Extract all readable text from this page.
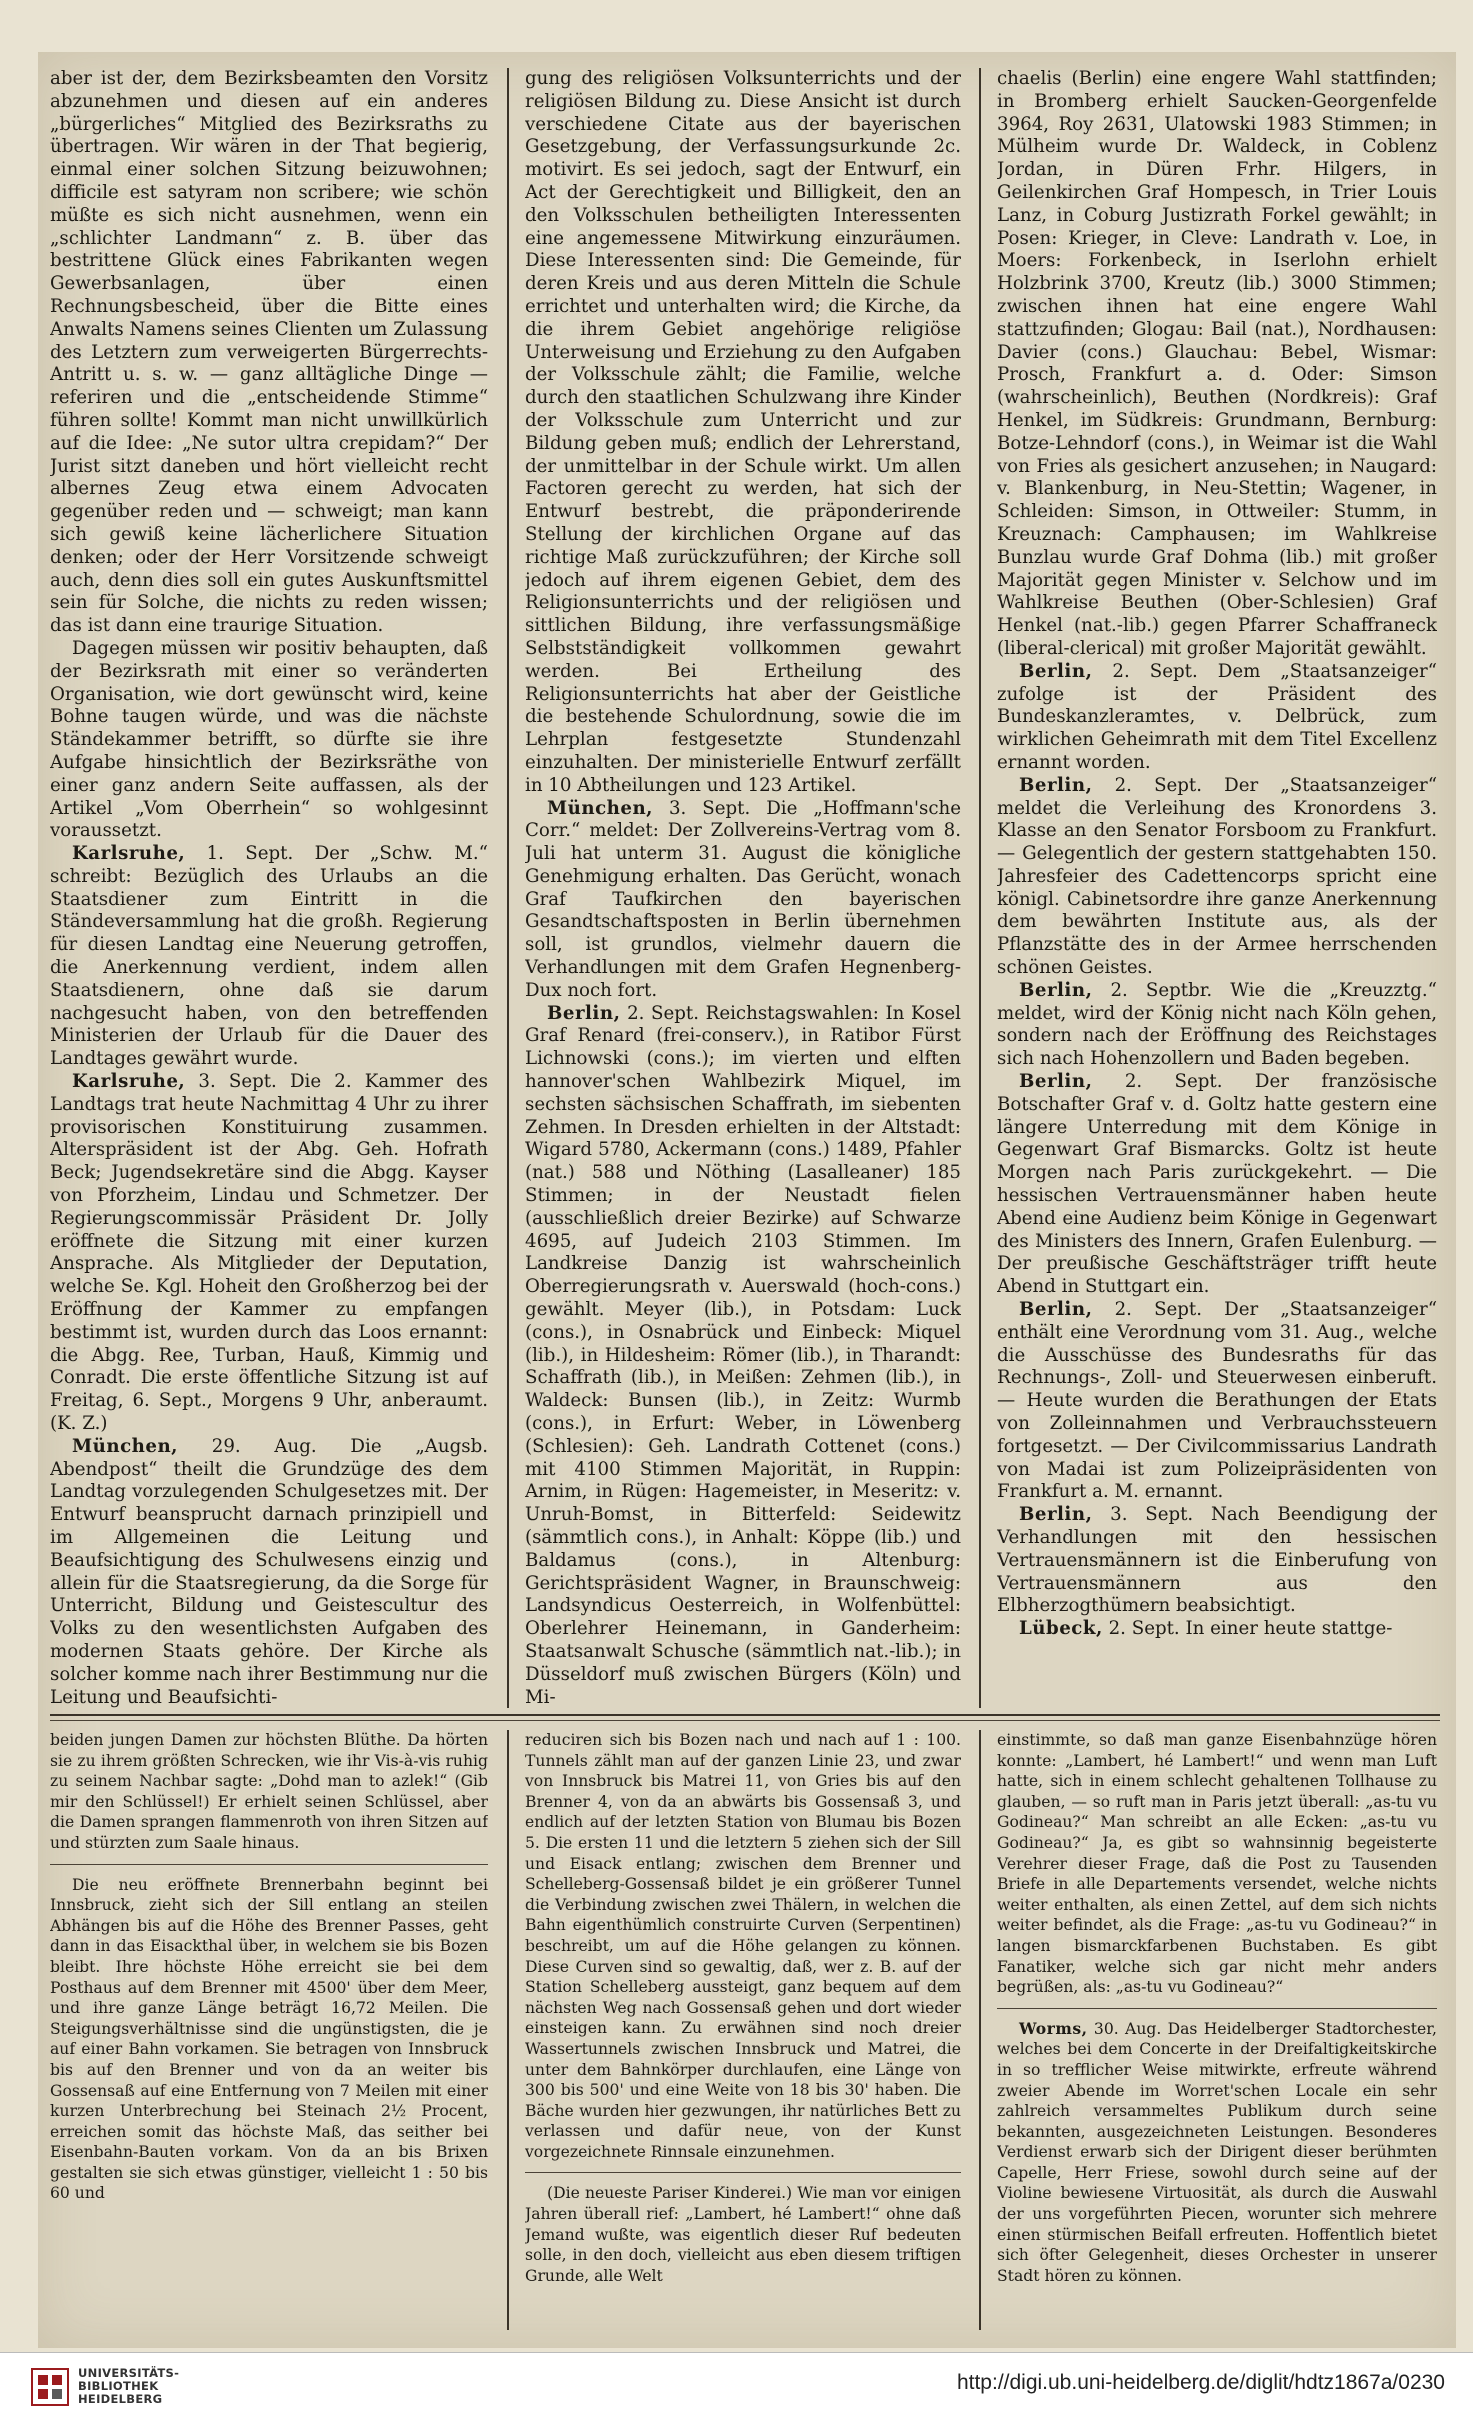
aber ist der, dem Bezirksbeamten den Vorsitz abzunehmen und diesen auf ein anderes „bürgerliches“ Mitglied des Bezirksraths zu übertragen. Wir wären in der That begierig, einmal einer solchen Sitzung beizuwohnen; difficile est satyram non scribere; wie schön müßte es sich nicht ausnehmen, wenn ein „schlichter Landmann“ z. B. über das bestrittene Glück eines Fabrikanten wegen Gewerbsanlagen, über einen Rechnungsbescheid, über die Bitte eines Anwalts Namens seines Clienten um Zulassung des Letztern zum verweigerten Bürgerrechts-Antritt u. s. w. — ganz alltägliche Dinge — referiren und die „entscheidende Stimme“ führen sollte! Kommt man nicht unwillkürlich auf die Idee: „Ne sutor ultra crepidam?“ Der Jurist sitzt daneben und hört vielleicht recht albernes Zeug etwa einem Advocaten gegenüber reden und — schweigt; man kann sich gewiß keine lächerlichere Situation denken; oder der Herr Vorsitzende schweigt auch, denn dies soll ein gutes Auskunftsmittel sein für Solche, die nichts zu reden wissen; das ist dann eine traurige Situation.

Dagegen müssen wir positiv behaupten, daß der Bezirksrath mit einer so veränderten Organisation, wie dort gewünscht wird, keine Bohne taugen würde, und was die nächste Ständekammer betrifft, so dürfte sie ihre Aufgabe hinsichtlich der Bezirksräthe von einer ganz andern Seite auffassen, als der Artikel „Vom Oberrhein“ so wohlgesinnt voraussetzt.

Karlsruhe, 1. Sept. Der „Schw. M.“ schreibt: Bezüglich des Urlaubs an die Staatsdiener zum Eintritt in die Ständeversammlung hat die großh. Regierung für diesen Landtag eine Neuerung getroffen, die Anerkennung verdient, indem allen Staatsdienern, ohne daß sie darum nachgesucht haben, von den betreffenden Ministerien der Urlaub für die Dauer des Landtages gewährt wurde.

Karlsruhe, 3. Sept. Die 2. Kammer des Landtags trat heute Nachmittag 4 Uhr zu ihrer provisorischen Konstituirung zusammen. Alterspräsident ist der Abg. Geh. Hofrath Beck; Jugendsekretäre sind die Abgg. Kayser von Pforzheim, Lindau und Schmetzer. Der Regierungscommissär Präsident Dr. Jolly eröffnete die Sitzung mit einer kurzen Ansprache. Als Mitglieder der Deputation, welche Se. Kgl. Hoheit den Großherzog bei der Eröffnung der Kammer zu empfangen bestimmt ist, wurden durch das Loos ernannt: die Abgg. Ree, Turban, Hauß, Kimmig und Conradt. Die erste öffentliche Sitzung ist auf Freitag, 6. Sept., Morgens 9 Uhr, anberaumt. (K. Z.)

München, 29. Aug. Die „Augsb. Abendpost“ theilt die Grundzüge des dem Landtag vorzulegenden Schulgesetzes mit. Der Entwurf beansprucht darnach prinzipiell und im Allgemeinen die Leitung und Beaufsichtigung des Schulwesens einzig und allein für die Staatsregierung, da die Sorge für Unterricht, Bildung und Geistescultur des Volks zu den wesentlichsten Aufgaben des modernen Staats gehöre. Der Kirche als solcher komme nach ihrer Bestimmung nur die Leitung und Beaufsichti-

gung des religiösen Volksunterrichts und der religiösen Bildung zu. Diese Ansicht ist durch verschiedene Citate aus der bayerischen Gesetzgebung, der Verfassungsurkunde 2c. motivirt. Es sei jedoch, sagt der Entwurf, ein Act der Gerechtigkeit und Billigkeit, den an den Volksschulen betheiligten Interessenten eine angemessene Mitwirkung einzuräumen. Diese Interessenten sind: Die Gemeinde, für deren Kreis und aus deren Mitteln die Schule errichtet und unterhalten wird; die Kirche, da die ihrem Gebiet angehörige religiöse Unterweisung und Erziehung zu den Aufgaben der Volksschule zählt; die Familie, welche durch den staatlichen Schulzwang ihre Kinder der Volksschule zum Unterricht und zur Bildung geben muß; endlich der Lehrerstand, der unmittelbar in der Schule wirkt. Um allen Factoren gerecht zu werden, hat sich der Entwurf bestrebt, die präponderirende Stellung der kirchlichen Organe auf das richtige Maß zurückzuführen; der Kirche soll jedoch auf ihrem eigenen Gebiet, dem des Religionsunterrichts und der religiösen und sittlichen Bildung, ihre verfassungsmäßige Selbstständigkeit vollkommen gewahrt werden. Bei Ertheilung des Religionsunterrichts hat aber der Geistliche die bestehende Schulordnung, sowie die im Lehrplan festgesetzte Stundenzahl einzuhalten. Der ministerielle Entwurf zerfällt in 10 Abtheilungen und 123 Artikel.

München, 3. Sept. Die „Hoffmann'sche Corr.“ meldet: Der Zollvereins-Vertrag vom 8. Juli hat unterm 31. August die königliche Genehmigung erhalten. Das Gerücht, wonach Graf Taufkirchen den bayerischen Gesandtschaftsposten in Berlin übernehmen soll, ist grundlos, vielmehr dauern die Verhandlungen mit dem Grafen Hegnenberg-Dux noch fort.

Berlin, 2. Sept. Reichstagswahlen: In Kosel Graf Renard (frei-conserv.), in Ratibor Fürst Lichnowski (cons.); im vierten und elften hannover'schen Wahlbezirk Miquel, im sechsten sächsischen Schaffrath, im siebenten Zehmen. In Dresden erhielten in der Altstadt: Wigard 5780, Ackermann (cons.) 1489, Pfahler (nat.) 588 und Nöthing (Lasalleaner) 185 Stimmen; in der Neustadt fielen (ausschließlich dreier Bezirke) auf Schwarze 4695, auf Judeich 2103 Stimmen. Im Landkreise Danzig ist wahrscheinlich Oberregierungsrath v. Auerswald (hoch-cons.) gewählt. Meyer (lib.), in Potsdam: Luck (cons.), in Osnabrück und Einbeck: Miquel (lib.), in Hildesheim: Römer (lib.), in Tharandt: Schaffrath (lib.), in Meißen: Zehmen (lib.), in Waldeck: Bunsen (lib.), in Zeitz: Wurmb (cons.), in Erfurt: Weber, in Löwenberg (Schlesien): Geh. Landrath Cottenet (cons.) mit 4100 Stimmen Majorität, in Ruppin: Arnim, in Rügen: Hagemeister, in Meseritz: v. Unruh-Bomst, in Bitterfeld: Seidewitz (sämmtlich cons.), in Anhalt: Köppe (lib.) und Baldamus (cons.), in Altenburg: Gerichtspräsident Wagner, in Braunschweig: Landsyndicus Oesterreich, in Wolfenbüttel: Oberlehrer Heinemann, in Ganderheim: Staatsanwalt Schusche (sämmtlich nat.-lib.); in Düsseldorf muß zwischen Bürgers (Köln) und Mi-

chaelis (Berlin) eine engere Wahl stattfinden; in Bromberg erhielt Saucken-Georgenfelde 3964, Roy 2631, Ulatowski 1983 Stimmen; in Mülheim wurde Dr. Waldeck, in Coblenz Jordan, in Düren Frhr. Hilgers, in Geilenkirchen Graf Hompesch, in Trier Louis Lanz, in Coburg Justizrath Forkel gewählt; in Posen: Krieger, in Cleve: Landrath v. Loe, in Moers: Forkenbeck, in Iserlohn erhielt Holzbrink 3700, Kreutz (lib.) 3000 Stimmen; zwischen ihnen hat eine engere Wahl stattzufinden; Glogau: Bail (nat.), Nordhausen: Davier (cons.) Glauchau: Bebel, Wismar: Prosch, Frankfurt a. d. Oder: Simson (wahrscheinlich), Beuthen (Nordkreis): Graf Henkel, im Südkreis: Grundmann, Bernburg: Botze-Lehndorf (cons.), in Weimar ist die Wahl von Fries als gesichert anzusehen; in Naugard: v. Blankenburg, in Neu-Stettin; Wagener, in Schleiden: Simson, in Ottweiler: Stumm, in Kreuznach: Camphausen; im Wahlkreise Bunzlau wurde Graf Dohma (lib.) mit großer Majorität gegen Minister v. Selchow und im Wahlkreise Beuthen (Ober-Schlesien) Graf Henkel (nat.-lib.) gegen Pfarrer Schaffraneck (liberal-clerical) mit großer Majorität gewählt.

Berlin, 2. Sept. Dem „Staatsanzeiger“ zufolge ist der Präsident des Bundeskanzleramtes, v. Delbrück, zum wirklichen Geheimrath mit dem Titel Excellenz ernannt worden.

Berlin, 2. Sept. Der „Staatsanzeiger“ meldet die Verleihung des Kronordens 3. Klasse an den Senator Forsboom zu Frankfurt. — Gelegentlich der gestern stattgehabten 150. Jahresfeier des Cadettencorps spricht eine königl. Cabinetsordre ihre ganze Anerkennung dem bewährten Institute aus, als der Pflanzstätte des in der Armee herrschenden schönen Geistes.

Berlin, 2. Septbr. Wie die „Kreuzztg.“ meldet, wird der König nicht nach Köln gehen, sondern nach der Eröffnung des Reichstages sich nach Hohenzollern und Baden begeben.

Berlin, 2. Sept. Der französische Botschafter Graf v. d. Goltz hatte gestern eine längere Unterredung mit dem Könige in Gegenwart Graf Bismarcks. Goltz ist heute Morgen nach Paris zurückgekehrt. — Die hessischen Vertrauensmänner haben heute Abend eine Audienz beim Könige in Gegenwart des Ministers des Innern, Grafen Eulenburg. — Der preußische Geschäftsträger trifft heute Abend in Stuttgart ein.

Berlin, 2. Sept. Der „Staatsanzeiger“ enthält eine Verordnung vom 31. Aug., welche die Ausschüsse des Bundesraths für das Rechnungs-, Zoll- und Steuerwesen einberuft. — Heute wurden die Berathungen der Etats von Zolleinnahmen und Verbrauchssteuern fortgesetzt. — Der Civilcommissarius Landrath von Madai ist zum Polizeipräsidenten von Frankfurt a. M. ernannt.

Berlin, 3. Sept. Nach Beendigung der Verhandlungen mit den hessischen Vertrauensmännern ist die Einberufung von Vertrauensmännern aus den Elbherzogthümern beabsichtigt.

Lübeck, 2. Sept. In einer heute stattge-

beiden jungen Damen zur höchsten Blüthe. Da hörten sie zu ihrem größten Schrecken, wie ihr Vis-à-vis ruhig zu seinem Nachbar sagte: „Dohd man to azlek!“ (Gib mir den Schlüssel!) Er erhielt seinen Schlüssel, aber die Damen sprangen flammenroth von ihren Sitzen auf und stürzten zum Saale hinaus.

Die neu eröffnete Brennerbahn beginnt bei Innsbruck, zieht sich der Sill entlang an steilen Abhängen bis auf die Höhe des Brenner Passes, geht dann in das Eisackthal über, in welchem sie bis Bozen bleibt. Ihre höchste Höhe erreicht sie bei dem Posthaus auf dem Brenner mit 4500' über dem Meer, und ihre ganze Länge beträgt 16,72 Meilen. Die Steigungsverhältnisse sind die ungünstigsten, die je auf einer Bahn vorkamen. Sie betragen von Innsbruck bis auf den Brenner und von da an weiter bis Gossensaß auf eine Entfernung von 7 Meilen mit einer kurzen Unterbrechung bei Steinach 2½ Procent, erreichen somit das höchste Maß, das seither bei Eisenbahn-Bauten vorkam. Von da an bis Brixen gestalten sie sich etwas günstiger, vielleicht 1 : 50 bis 60 und

reduciren sich bis Bozen nach und nach auf 1 : 100. Tunnels zählt man auf der ganzen Linie 23, und zwar von Innsbruck bis Matrei 11, von Gries bis auf den Brenner 4, von da an abwärts bis Gossensaß 3, und endlich auf der letzten Station von Blumau bis Bozen 5. Die ersten 11 und die letztern 5 ziehen sich der Sill und Eisack entlang; zwischen dem Brenner und Schelleberg-Gossensaß bildet je ein größerer Tunnel die Verbindung zwischen zwei Thälern, in welchen die Bahn eigenthümlich construirte Curven (Serpentinen) beschreibt, um auf die Höhe gelangen zu können. Diese Curven sind so gewaltig, daß, wer z. B. auf der Station Schelleberg aussteigt, ganz bequem auf dem nächsten Weg nach Gossensaß gehen und dort wieder einsteigen kann. Zu erwähnen sind noch dreier Wassertunnels zwischen Innsbruck und Matrei, die unter dem Bahnkörper durchlaufen, eine Länge von 300 bis 500' und eine Weite von 18 bis 30' haben. Die Bäche wurden hier gezwungen, ihr natürliches Bett zu verlassen und dafür neue, von der Kunst vorgezeichnete Rinnsale einzunehmen.

(Die neueste Pariser Kinderei.) Wie man vor einigen Jahren überall rief: „Lambert, hé Lambert!“ ohne daß Jemand wußte, was eigentlich dieser Ruf bedeuten solle, in den doch, vielleicht aus eben diesem triftigen Grunde, alle Welt

einstimmte, so daß man ganze Eisenbahnzüge hören konnte: „Lambert, hé Lambert!“ und wenn man Luft hatte, sich in einem schlecht gehaltenen Tollhause zu glauben, — so ruft man in Paris jetzt überall: „as-tu vu Godineau?“ Man schreibt an alle Ecken: „as-tu vu Godineau?“ Ja, es gibt so wahnsinnig begeisterte Verehrer dieser Frage, daß die Post zu Tausenden Briefe in alle Departements versendet, welche nichts weiter enthalten, als einen Zettel, auf dem sich nichts weiter befindet, als die Frage: „as-tu vu Godineau?“ in langen bismarckfarbenen Buchstaben. Es gibt Fanatiker, welche sich gar nicht mehr anders begrüßen, als: „as-tu vu Godineau?“

Worms, 30. Aug. Das Heidelberger Stadtorchester, welches bei dem Concerte in der Dreifaltigkeitskirche in so trefflicher Weise mitwirkte, erfreute während zweier Abende im Worret'schen Locale ein sehr zahlreich versammeltes Publikum durch seine bekannten, ausgezeichneten Leistungen. Besonderes Verdienst erwarb sich der Dirigent dieser berühmten Capelle, Herr Friese, sowohl durch seine auf der Violine bewiesene Virtuosität, als durch die Auswahl der uns vorgeführten Piecen, worunter sich mehrere einen stürmischen Beifall erfreuten. Hoffentlich bietet sich öfter Gelegenheit, dieses Orchester in unserer Stadt hören zu können.

UNIVERSITÄTS-
BIBLIOTHEK
HEIDELBERG
http://digi.ub.uni-heidelberg.de/diglit/hdtz1867a/0230
